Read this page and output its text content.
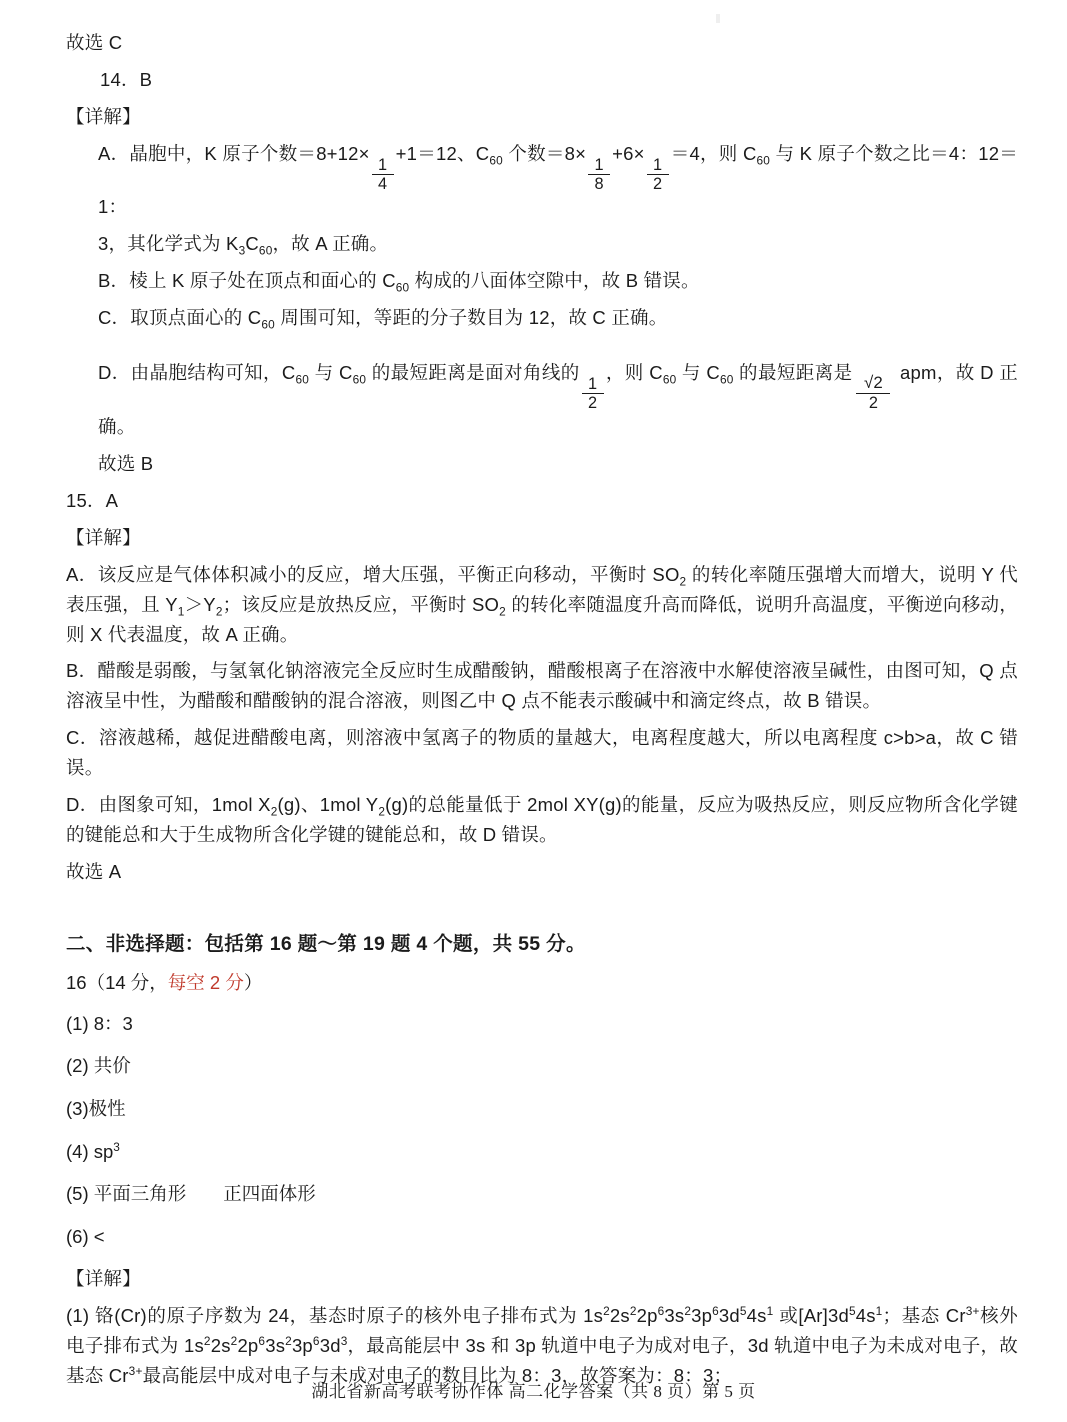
故选 C

14．B

【详解】

A．晶胞中，K 原子个数＝8+12×
$\frac{1}{4}$
+1＝12、$C_{60}$ 个数＝8×
$\frac{1}{8}$
+6×
$\frac{1}{2}$
＝4，则 $C_{60}$ 与 K 原子个数之比＝4：12＝1：

3，其化学式为 $K_3C_{60}$，故 A 正确。

B．棱上 K 原子处在顶点和面心的 $C_{60}$ 构成的八面体空隙中，故 B 错误。

C．取顶点面心的 $C_{60}$ 周围可知，等距的分子数目为 12，故 C 正确。

D．由晶胞结构可知，$C_{60}$ 与 $C_{60}$ 的最短距离是面对角线的
$\frac{1}{2}$
，则 $C_{60}$ 与 $C_{60}$ 的最短距离是
$\frac{√2}{2}$
apm，故 D 正确。

故选 B

15．A

【详解】

A．该反应是气体体积减小的反应，增大压强，平衡正向移动，平衡时 $SO_2$ 的转化率随压强增大而增大，说明 Y 代表压强，且 $Y_1>Y_2$；该反应是放热反应，平衡时 $SO_2$ 的转化率随温度升高而降低，说明升高温度，平衡逆向移动，则 X 代表温度，故 A 正确。

B．醋酸是弱酸，与氢氧化钠溶液完全反应时生成醋酸钠，醋酸根离子在溶液中水解使溶液呈碱性，由图可知，Q 点溶液呈中性，为醋酸和醋酸钠的混合溶液，则图乙中 Q 点不能表示酸碱中和滴定终点，故 B 错误。

C．溶液越稀，越促进醋酸电离，则溶液中氢离子的物质的量越大，电离程度越大，所以电离程度 c>b>a，故 C 错误。

D．由图象可知，1mol $X_2(g)$、1mol $Y_2(g)$的总能量低于 2mol XY(g)的能量，反应为吸热反应，则反应物所含化学键的键能总和大于生成物所含化学键的键能总和，故 D 错误。

故选 A

二、非选择题：包括第 16 题～第 19 题 4 个题，共 55 分。

16（14 分，每空 2 分）

(1) 8：3

(2) 共价

(3)极性

(4) $sp^3$

(5) 平面三角形　　正四面体形

(6) <

【详解】

(1) 铬(Cr)的原子序数为 24，基态时原子的核外电子排布式为 $1s^22s^22p^63s^23p^63d^54s^1$ 或$[Ar]3d^54s^1$；基态 $Cr^{3+}$核外电子排布式为 $1s^22s^22p^63s^23p^63d^3$，最高能层中 3s 和 3p 轨道中电子为成对电子，3d 轨道中电子为未成对电子，故基态 $Cr^{3+}$最高能层中成对电子与未成对电子的数目比为 8：3，故答案为：8：3；

湖北省新高考联考协作体 高二化学答案（共 8 页）第 5 页
